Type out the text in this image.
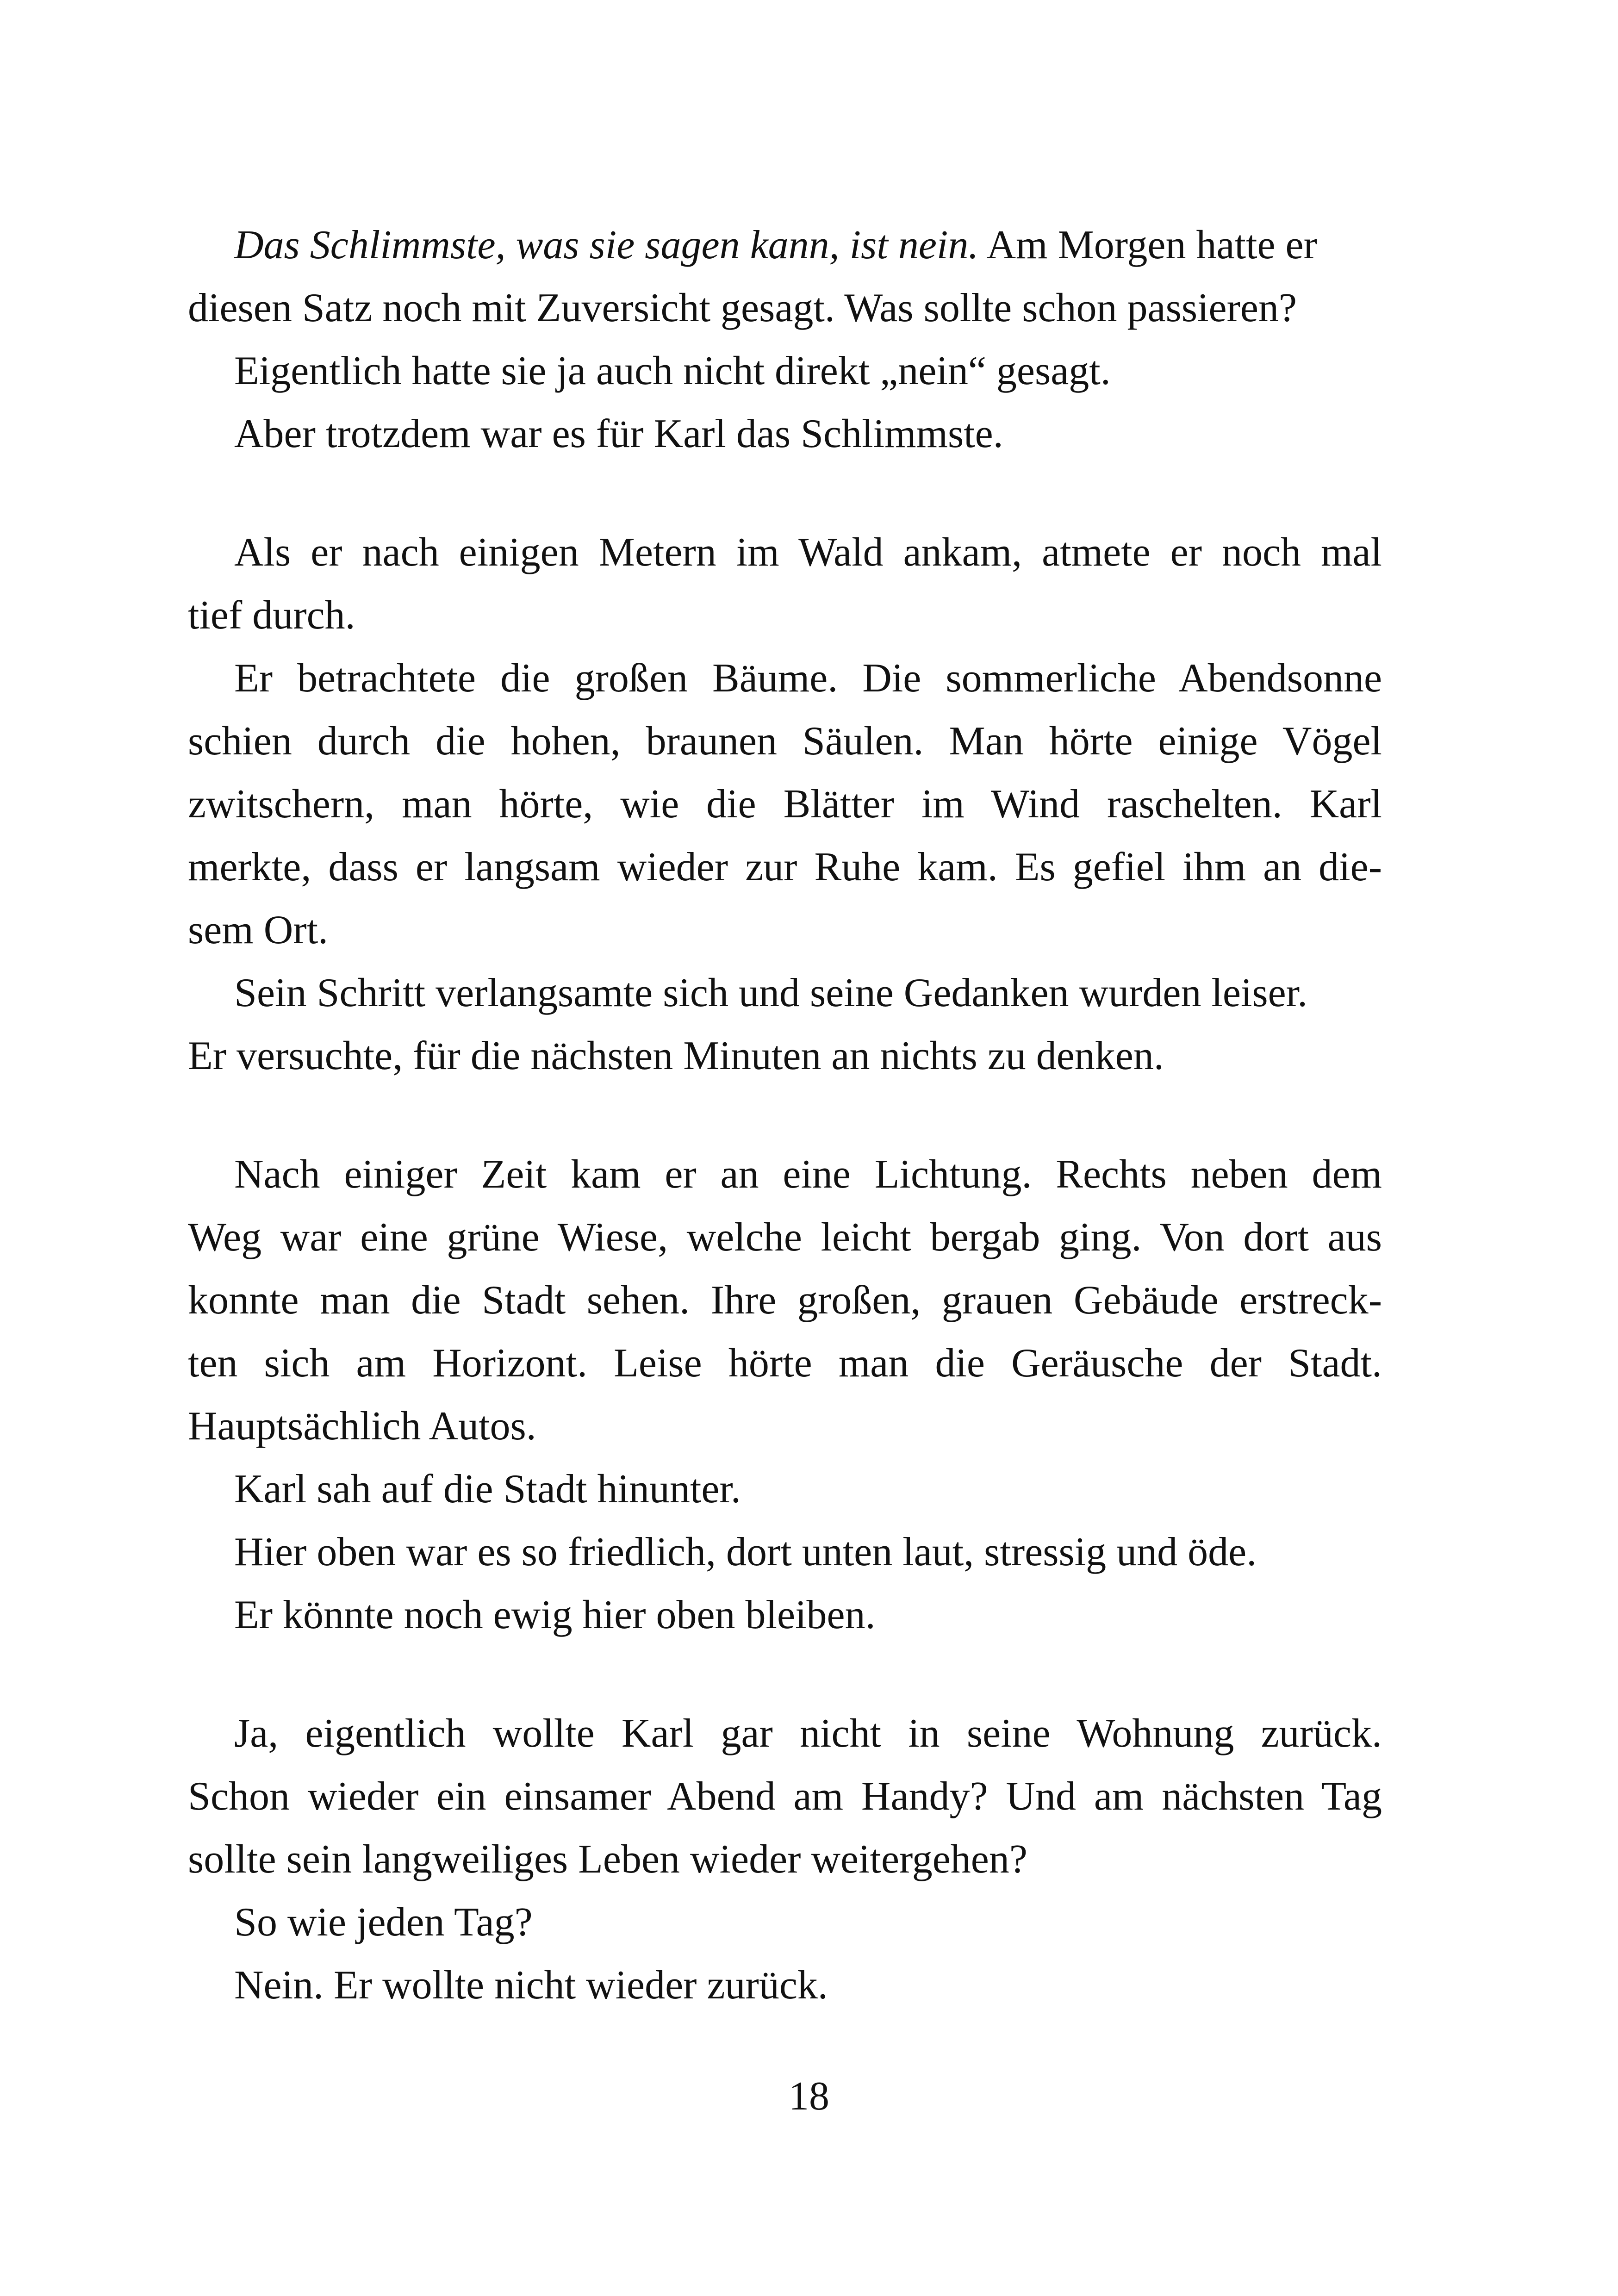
Das Schlimmste, was sie sagen kann, ist nein. Am Morgen hatte er
diesen Satz noch mit Zuversicht gesagt. Was sollte schon passieren?
Eigentlich hatte sie ja auch nicht direkt „nein“ gesagt.
Aber trotzdem war es für Karl das Schlimmste.
Als er nach einigen Metern im Wald ankam, atmete er noch mal
tief durch.
Er betrachtete die großen Bäume. Die sommerliche Abendsonne
schien durch die hohen, braunen Säulen. Man hörte einige Vögel
zwitschern, man hörte, wie die Blätter im Wind raschelten. Karl
merkte, dass er langsam wieder zur Ruhe kam. Es gefiel ihm an die-
sem Ort.
Sein Schritt verlangsamte sich und seine Gedanken wurden leiser.
Er versuchte, für die nächsten Minuten an nichts zu denken.
Nach einiger Zeit kam er an eine Lichtung. Rechts neben dem
Weg war eine grüne Wiese, welche leicht bergab ging. Von dort aus
konnte man die Stadt sehen. Ihre großen, grauen Gebäude erstreck-
ten sich am Horizont. Leise hörte man die Geräusche der Stadt.
Hauptsächlich Autos.
Karl sah auf die Stadt hinunter.
Hier oben war es so friedlich, dort unten laut, stressig und öde.
Er könnte noch ewig hier oben bleiben.
Ja, eigentlich wollte Karl gar nicht in seine Wohnung zurück.
Schon wieder ein einsamer Abend am Handy? Und am nächsten Tag
sollte sein langweiliges Leben wieder weitergehen?
So wie jeden Tag?
Nein. Er wollte nicht wieder zurück.
18
